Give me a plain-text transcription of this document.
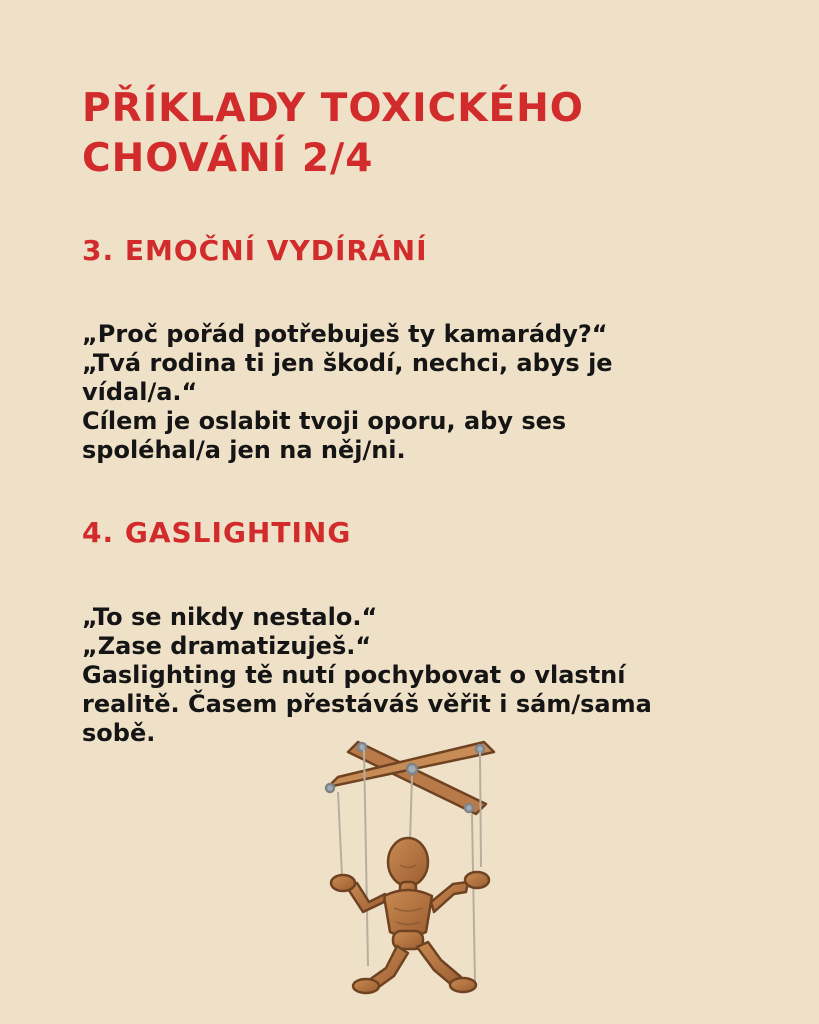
PŘÍKLADY TOXICKÉHO
CHOVÁNÍ 2/4
3. EMOČNÍ VYDÍRÁNÍ
„Proč pořád potřebuješ ty kamarády?“
„Tvá rodina ti jen škodí, nechci, abys je
vídal/a.“
Cílem je oslabit tvoji oporu, aby ses
spoléhal/a jen na něj/ni.
4. GASLIGHTING
„To se nikdy nestalo.“
„Zase dramatizuješ.“
Gaslighting tě nutí pochybovat o vlastní
realitě. Časem přestáváš věřit i sám/sama
sobě.
